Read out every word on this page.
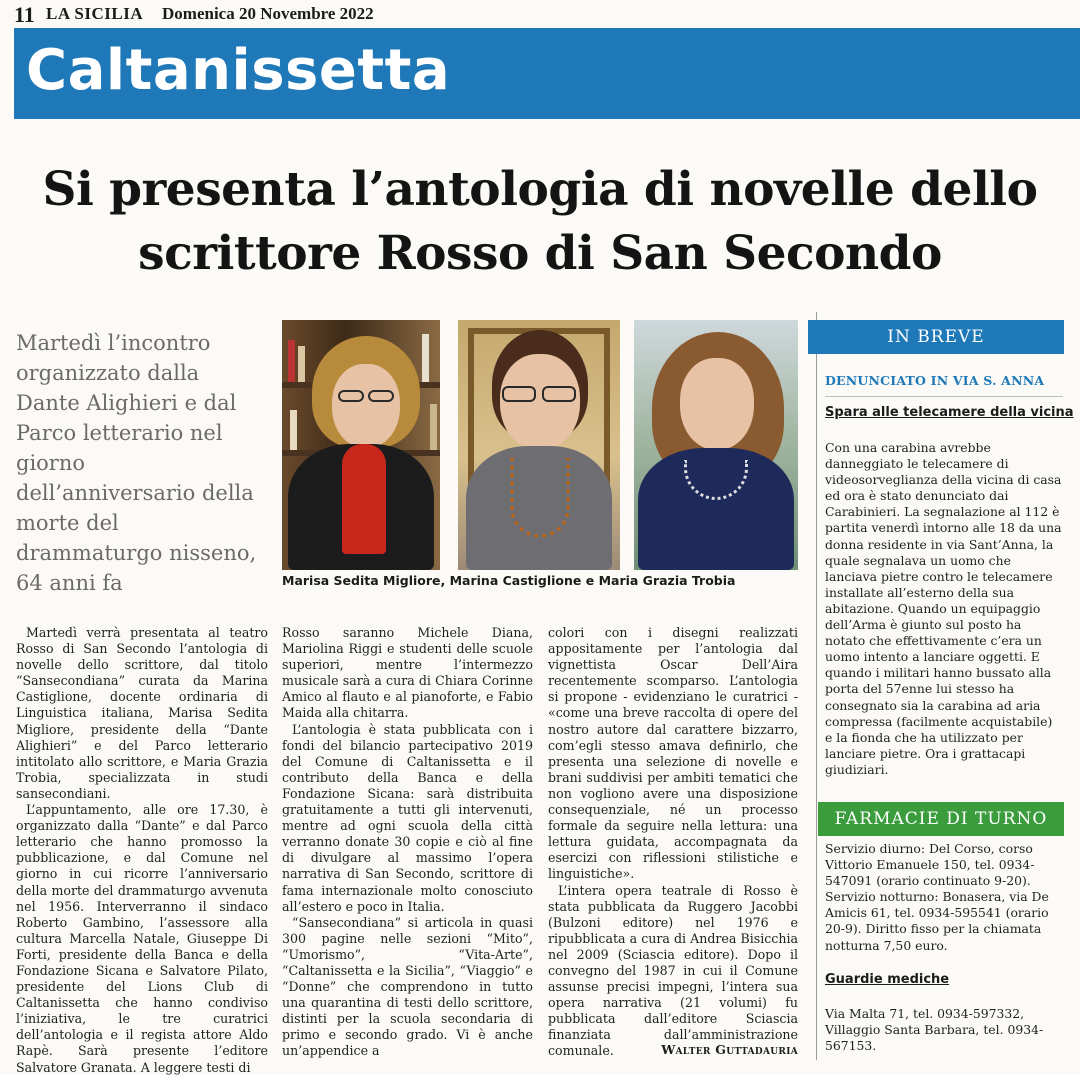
11 LA SICILIA Domenica 20 Novembre 2022
Caltanissetta
Si presenta l’antologia di novelle dello scrittore Rosso di San Secondo
Martedì l’incontro organizzato dalla Dante Alighieri e dal Parco letterario nel giorno dell’anniversario della morte del drammaturgo nisseno, 64 anni fa	Marisa Sedita Migliore, Marina Castiglione e Maria Grazia Trobia

Martedì verrà presentata al teatro Rosso di San Secondo l’antologia di novelle dello scrittore, dal titolo “Sansecondiana” curata da Marina Castiglione, docente ordinaria di Linguistica italiana, Marisa Sedita Migliore, presidente della “Dante Alighieri” e del Parco letterario intitolato allo scrittore, e Maria Grazia Trobia, specializzata in studi sansecondiani.

L’appuntamento, alle ore 17.30, è organizzato dalla “Dante” e dal Parco letterario che hanno promosso la pubblicazione, e dal Comune nel giorno in cui ricorre l’anniversario della morte del drammaturgo avvenuta nel 1956. Interverranno il sindaco Roberto Gambino, l’assessore alla cultura Marcella Natale, Giuseppe Di Forti, presidente della Banca e della Fondazione Sicana e Salvatore Pilato, presidente del Lions Club di Caltanissetta che hanno condiviso l’iniziativa, le tre curatrici dell’antologia e il regista attore Aldo Rapè. Sarà presente l’editore Salvatore Granata. A leggere testi di

Rosso saranno Michele Diana, Mariolina Riggi e studenti delle scuole superiori, mentre l’intermezzo musicale sarà a cura di Chiara Corinne Amico al flauto e al pianoforte, e Fabio Maida alla chitarra.

L’antologia è stata pubblicata con i fondi del bilancio partecipativo 2019 del Comune di Caltanissetta e il contributo della Banca e della Fondazione Sicana: sarà distribuita gratuitamente a tutti gli intervenuti, mentre ad ogni scuola della città verranno donate 30 copie e ciò al fine di divulgare al massimo l’opera narrativa di San Secondo, scrittore di fama internazionale molto conosciuto all’estero e poco in Italia.

“Sansecondiana” si articola in quasi 300 pagine nelle sezioni “Mito”, “Umorismo”, “Vita-Arte”, “Caltanissetta e la Sicilia”, “Viaggio” e “Donne” che comprendono in tutto una quarantina di testi dello scrittore, distinti per la scuola secondaria di primo e secondo grado. Vi è anche un’appendice a

colori con i disegni realizzati appositamente per l’antologia dal vignettista Oscar Dell’Aira recentemente scomparso. L’antologia si propone - evidenziano le curatrici - «come una breve raccolta di opere del nostro autore dal carattere bizzarro, com’egli stesso amava definirlo, che presenta una selezione di novelle e brani suddivisi per ambiti tematici che non vogliono avere una disposizione consequenziale, né un processo formale da seguire nella lettura: una lettura guidata, accompagnata da esercizi con riflessioni stilistiche e linguistiche».

L’intera opera teatrale di Rosso è stata pubblicata da Ruggero Jacobbi (Bulzoni editore) nel 1976 e ripubblicata a cura di Andrea Bisicchia nel 2009 (Sciascia editore). Dopo il convegno del 1987 in cui il Comune assunse precisi impegni, l’intera sua opera narrativa (21 volumi) fu pubblicata dall’editore Sciascia finanziata dall’amministrazione comunale.	Walter Guttadauria
IN BREVE
DENUNCIATO IN VIA S. ANNA
Spara alle telecamere della vicina
Con una carabina avrebbe danneggiato le telecamere di videosorveglianza della vicina di casa ed ora è stato denunciato dai Carabinieri. La segnalazione al 112 è partita venerdì intorno alle 18 da una donna residente in via Sant’Anna, la quale segnalava un uomo che lanciava pietre contro le telecamere installate all’esterno della sua abitazione. Quando un equipaggio dell’Arma è giunto sul posto ha notato che effettivamente c’era un uomo intento a lanciare oggetti. E quando i militari hanno bussato alla porta del 57enne lui stesso ha consegnato sia la carabina ad aria compressa (facilmente acquistabile) e la fionda che ha utilizzato per lanciare pietre. Ora i grattacapi giudiziari.
FARMACIE DI TURNO
Servizio diurno: Del Corso, corso Vittorio Emanuele 150, tel. 0934-547091 (orario continuato 9-20). Servizio notturno: Bonasera, via De Amicis 61, tel. 0934-595541 (orario 20-9). Diritto fisso per la chiamata notturna 7,50 euro.
Guardie mediche
Via Malta 71, tel. 0934-597332, Villaggio Santa Barbara, tel. 0934-567153.
